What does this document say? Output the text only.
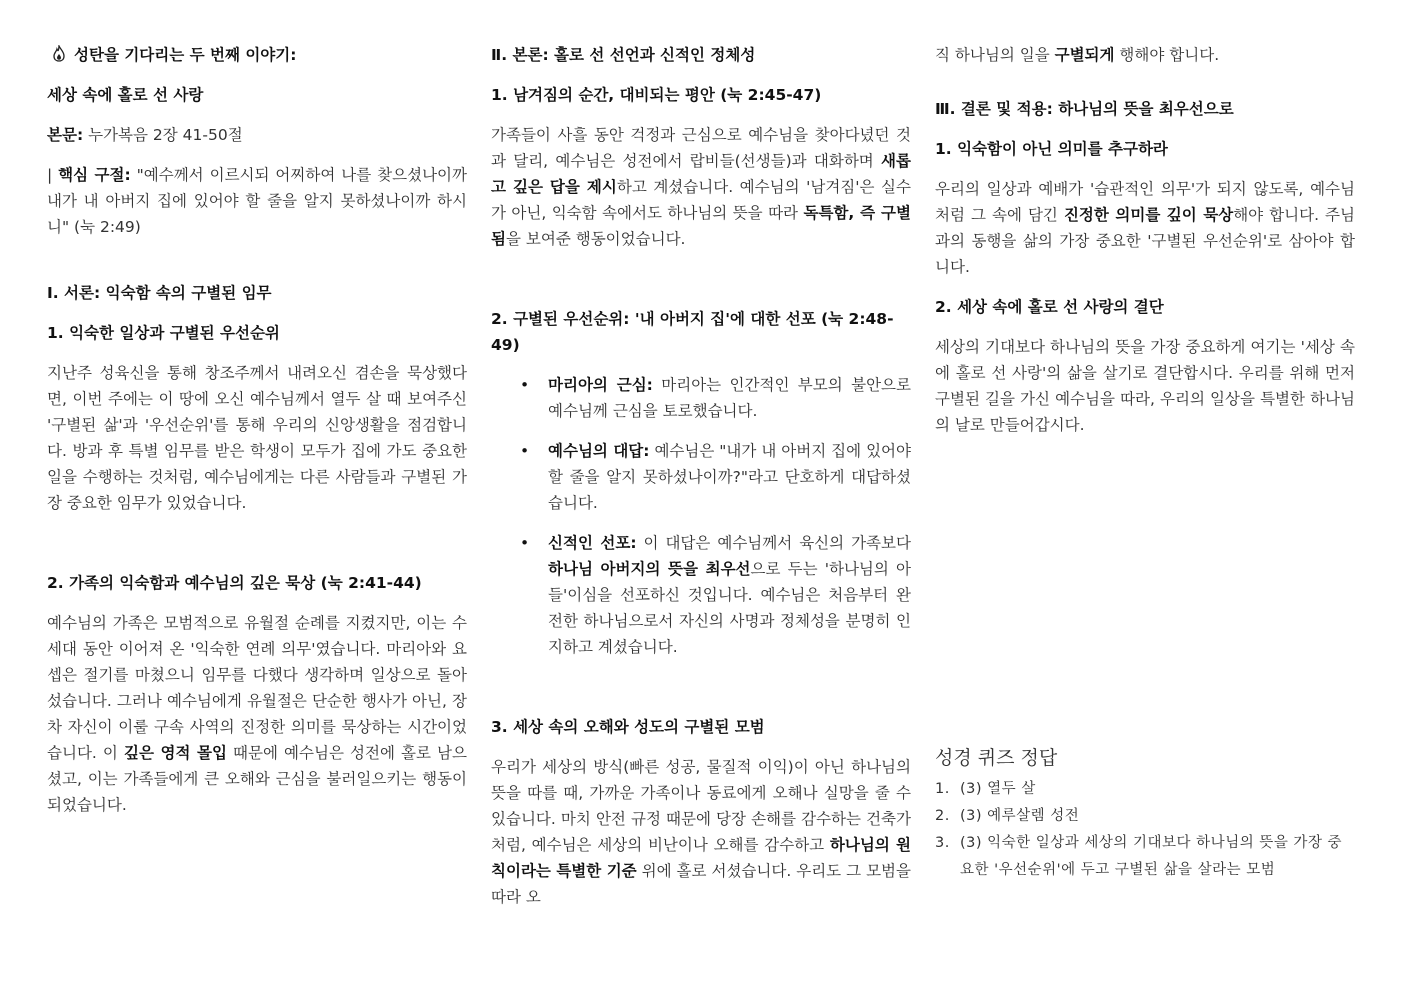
성탄을 기다리는 두 번째 이야기:

세상 속에 홀로 선 사랑

본문: 누가복음 2장 41-50절

| 핵심 구절: "예수께서 이르시되 어찌하여 나를 찾으셨나이까 내가 내 아버지 집에 있어야 할 줄을 알지 못하셨나이까 하시니" (눅 2:49)

Ⅰ. 서론: 익숙함 속의 구별된 임무

1. 익숙한 일상과 구별된 우선순위

지난주 성육신을 통해 창조주께서 내려오신 겸손을 묵상했다면, 이번 주에는 이 땅에 오신 예수님께서 열두 살 때 보여주신 '구별된 삶'과 '우선순위'를 통해 우리의 신앙생활을 점검합니다. 방과 후 특별 임무를 받은 학생이 모두가 집에 가도 중요한 일을 수행하는 것처럼, 예수님에게는 다른 사람들과 구별된 가장 중요한 임무가 있었습니다.

2. 가족의 익숙함과 예수님의 깊은 묵상 (눅 2:41-44)

예수님의 가족은 모범적으로 유월절 순례를 지켰지만, 이는 수 세대 동안 이어져 온 '익숙한 연례 의무'였습니다. 마리아와 요셉은 절기를 마쳤으니 임무를 다했다 생각하며 일상으로 돌아섰습니다. 그러나 예수님에게 유월절은 단순한 행사가 아닌, 장차 자신이 이룰 구속 사역의 진정한 의미를 묵상하는 시간이었습니다. 이 깊은 영적 몰입 때문에 예수님은 성전에 홀로 남으셨고, 이는 가족들에게 큰 오해와 근심을 불러일으키는 행동이 되었습니다.

Ⅱ. 본론: 홀로 선 선언과 신적인 정체성

1. 남겨짐의 순간, 대비되는 평안 (눅 2:45-47)

가족들이 사흘 동안 걱정과 근심으로 예수님을 찾아다녔던 것과 달리, 예수님은 성전에서 랍비들(선생들)과 대화하며 새롭고 깊은 답을 제시하고 계셨습니다. 예수님의 '남겨짐'은 실수가 아닌, 익숙함 속에서도 하나님의 뜻을 따라 독특함, 즉 구별됨을 보여준 행동이었습니다.

2. 구별된 우선순위: '내 아버지 집'에 대한 선포 (눅 2:48-49)

• 마리아의 근심: 마리아는 인간적인 부모의 불안으로 예수님께 근심을 토로했습니다.
• 예수님의 대답: 예수님은 "내가 내 아버지 집에 있어야 할 줄을 알지 못하셨나이까?"라고 단호하게 대답하셨습니다.
• 신적인 선포: 이 대답은 예수님께서 육신의 가족보다 하나님 아버지의 뜻을 최우선으로 두는 '하나님의 아들'이심을 선포하신 것입니다. 예수님은 처음부터 완전한 하나님으로서 자신의 사명과 정체성을 분명히 인지하고 계셨습니다.

3. 세상 속의 오해와 성도의 구별된 모범

우리가 세상의 방식(빠른 성공, 물질적 이익)이 아닌 하나님의 뜻을 따를 때, 가까운 가족이나 동료에게 오해나 실망을 줄 수 있습니다. 마치 안전 규정 때문에 당장 손해를 감수하는 건축가처럼, 예수님은 세상의 비난이나 오해를 감수하고 하나님의 원칙이라는 특별한 기준 위에 홀로 서셨습니다. 우리도 그 모범을 따라 오

직 하나님의 일을 구별되게 행해야 합니다.

Ⅲ. 결론 및 적용: 하나님의 뜻을 최우선으로

1. 익숙함이 아닌 의미를 추구하라

우리의 일상과 예배가 '습관적인 의무'가 되지 않도록, 예수님처럼 그 속에 담긴 진정한 의미를 깊이 묵상해야 합니다. 주님과의 동행을 삶의 가장 중요한 '구별된 우선순위'로 삼아야 합니다.

2. 세상 속에 홀로 선 사랑의 결단

세상의 기대보다 하나님의 뜻을 가장 중요하게 여기는 '세상 속에 홀로 선 사랑'의 삶을 살기로 결단합시다. 우리를 위해 먼저 구별된 길을 가신 예수님을 따라, 우리의 일상을 특별한 하나님의 날로 만들어갑시다.

성경 퀴즈 정답

1. (3) 열두 살
2. (3) 예루살렘 성전
3. (3) 익숙한 일상과 세상의 기대보다 하나님의 뜻을 가장 중요한 '우선순위'에 두고 구별된 삶을 살라는 모범
